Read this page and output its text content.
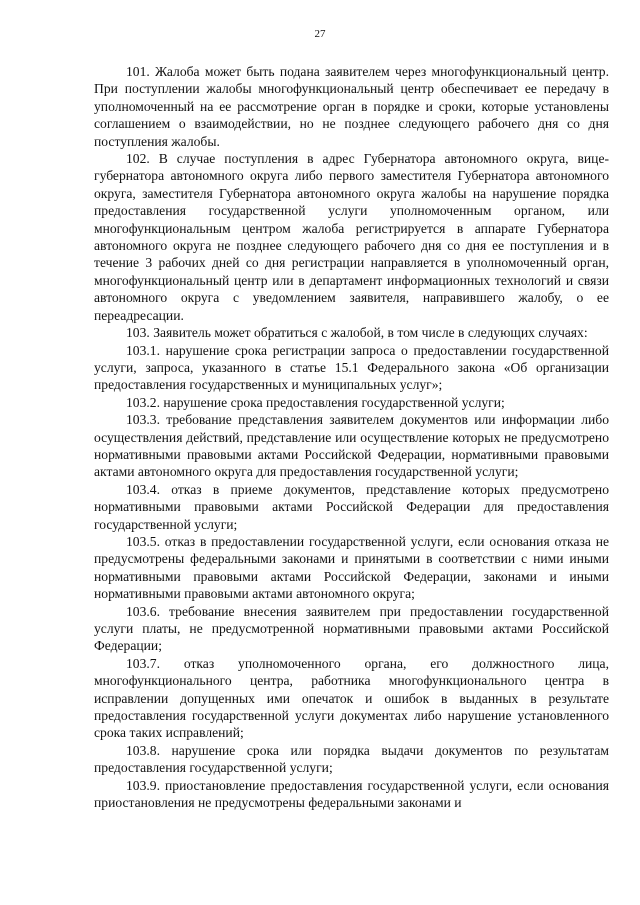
27

101. Жалоба может быть подана заявителем через многофункциональный центр. При поступлении жалобы многофункциональный центр обеспечивает ее передачу в уполномоченный на ее рассмотрение орган в порядке и сроки, которые установлены соглашением о взаимодействии, но не позднее следующего рабочего дня со дня поступления жалобы.

102. В случае поступления в адрес Губернатора автономного округа, вице-губернатора автономного округа либо первого заместителя Губернатора автономного округа, заместителя Губернатора автономного округа жалобы на нарушение порядка предоставления государственной услуги уполномоченным органом, или многофункциональным центром жалоба регистрируется в аппарате Губернатора автономного округа не позднее следующего рабочего дня со дня ее поступления и в течение 3 рабочих дней со дня регистрации направляется в уполномоченный орган, многофункциональный центр или в департамент информационных технологий и связи автономного округа с уведомлением заявителя, направившего жалобу, о ее переадресации.

103. Заявитель может обратиться с жалобой, в том числе в следующих случаях:

103.1. нарушение срока регистрации запроса о предоставлении государственной услуги, запроса, указанного в статье 15.1 Федерального закона «Об организации предоставления государственных и муниципальных услуг»;

103.2. нарушение срока предоставления государственной услуги;

103.3. требование представления заявителем документов или информации либо осуществления действий, представление или осуществление которых не предусмотрено нормативными правовыми актами Российской Федерации, нормативными правовыми актами автономного округа для предоставления государственной услуги;

103.4. отказ в приеме документов, представление которых предусмотрено нормативными правовыми актами Российской Федерации для предоставления государственной услуги;

103.5. отказ в предоставлении государственной услуги, если основания отказа не предусмотрены федеральными законами и принятыми в соответствии с ними иными нормативными правовыми актами Российской Федерации, законами и иными нормативными правовыми актами автономного округа;

103.6. требование внесения заявителем при предоставлении государственной услуги платы, не предусмотренной нормативными правовыми актами Российской Федерации;

103.7. отказ уполномоченного органа, его должностного лица, многофункционального центра, работника многофункционального центра в исправлении допущенных ими опечаток и ошибок в выданных в результате предоставления государственной услуги документах либо нарушение установленного срока таких исправлений;

103.8. нарушение срока или порядка выдачи документов по результатам предоставления государственной услуги;

103.9. приостановление предоставления государственной услуги, если основания приостановления не предусмотрены федеральными законами и
